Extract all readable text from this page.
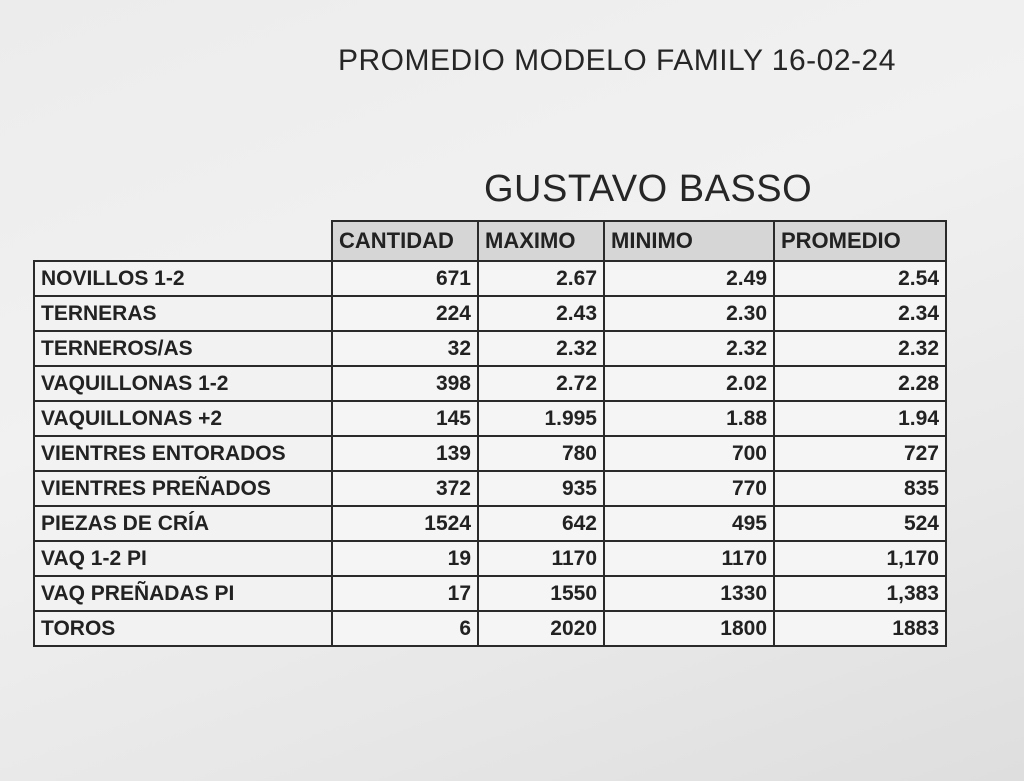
PROMEDIO MODELO FAMILY 16-02-24
GUSTAVO BASSO
	CANTIDAD	MAXIMO	MINIMO	PROMEDIO
NOVILLOS 1-2	671	2.67	2.49	2.54
TERNERAS	224	2.43	2.30	2.34
TERNEROS/AS	32	2.32	2.32	2.32
VAQUILLONAS 1-2	398	2.72	2.02	2.28
VAQUILLONAS +2	145	1.995	1.88	1.94
VIENTRES ENTORADOS	139	780	700	727
VIENTRES PREÑADOS	372	935	770	835
PIEZAS DE CRÍA	1524	642	495	524
VAQ 1-2 PI	19	1170	1170	1,170
VAQ PREÑADAS PI	17	1550	1330	1,383
TOROS	6	2020	1800	1883
